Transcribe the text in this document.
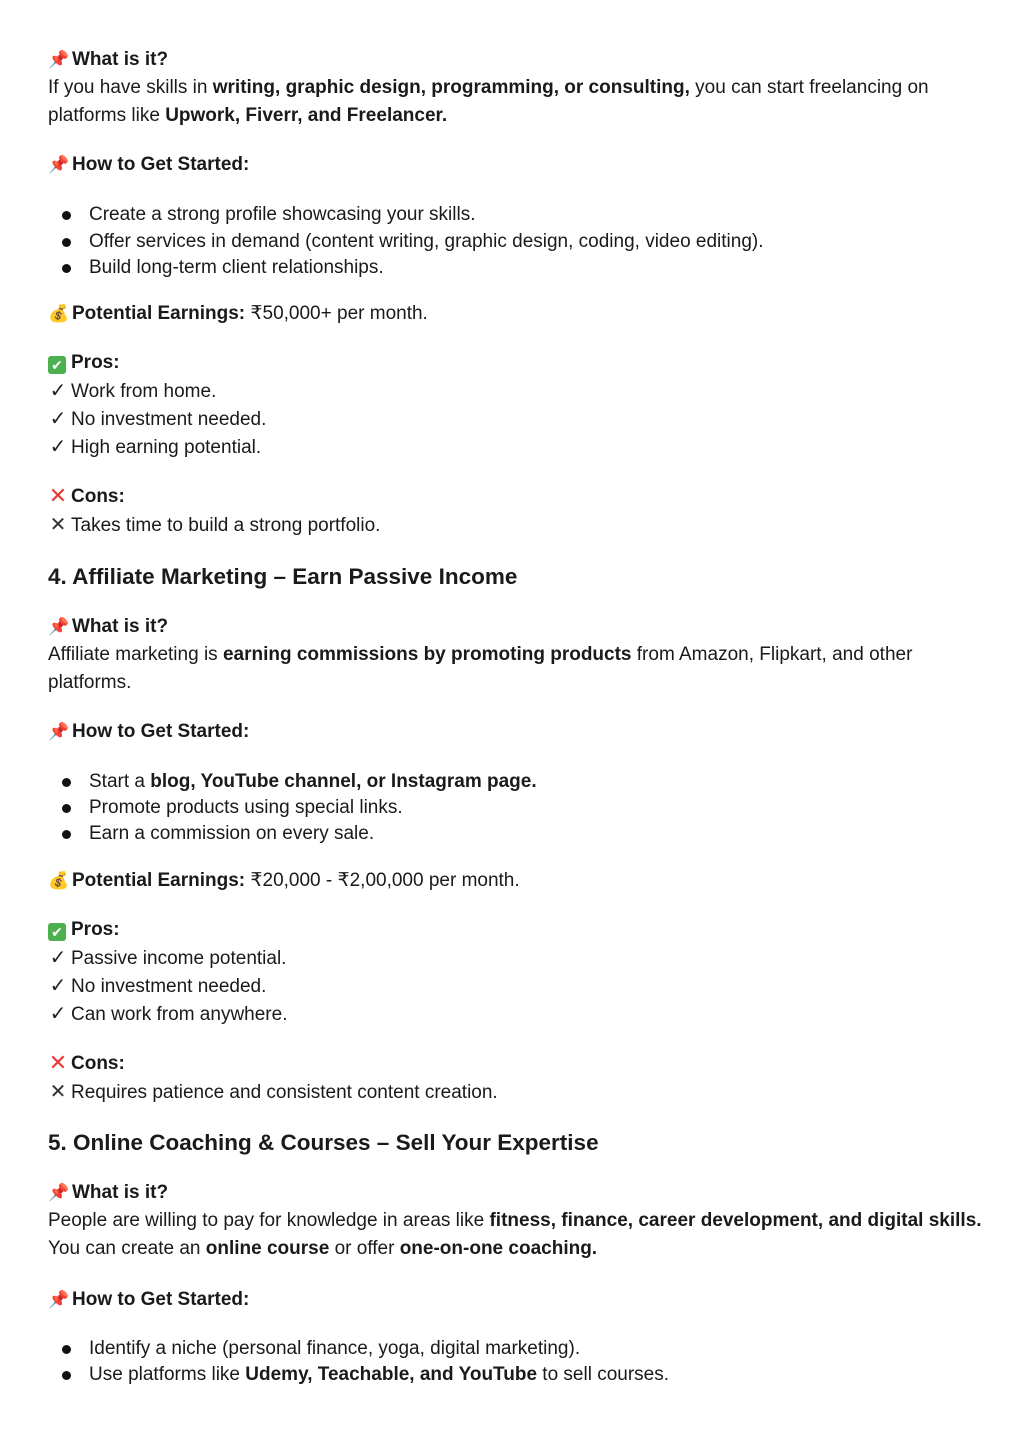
📌 What is it?
If you have skills in writing, graphic design, programming, or consulting, you can start freelancing on platforms like Upwork, Fiverr, and Freelancer.
📌 How to Get Started:
Create a strong profile showcasing your skills.
Offer services in demand (content writing, graphic design, coding, video editing).
Build long-term client relationships.
💰 Potential Earnings: ₹50,000+ per month.
✔ Pros:
✓ Work from home.
✓ No investment needed.
✓ High earning potential.
✕ Cons:
✕ Takes time to build a strong portfolio.
4. Affiliate Marketing – Earn Passive Income
📌 What is it?
Affiliate marketing is earning commissions by promoting products from Amazon, Flipkart, and other platforms.
📌 How to Get Started:
Start a blog, YouTube channel, or Instagram page.
Promote products using special links.
Earn a commission on every sale.
💰 Potential Earnings: ₹20,000 - ₹2,00,000 per month.
✔ Pros:
✓ Passive income potential.
✓ No investment needed.
✓ Can work from anywhere.
✕ Cons:
✕ Requires patience and consistent content creation.
5. Online Coaching & Courses – Sell Your Expertise
📌 What is it?
People are willing to pay for knowledge in areas like fitness, finance, career development, and digital skills. You can create an online course or offer one-on-one coaching.
📌 How to Get Started:
Identify a niche (personal finance, yoga, digital marketing).
Use platforms like Udemy, Teachable, and YouTube to sell courses.
